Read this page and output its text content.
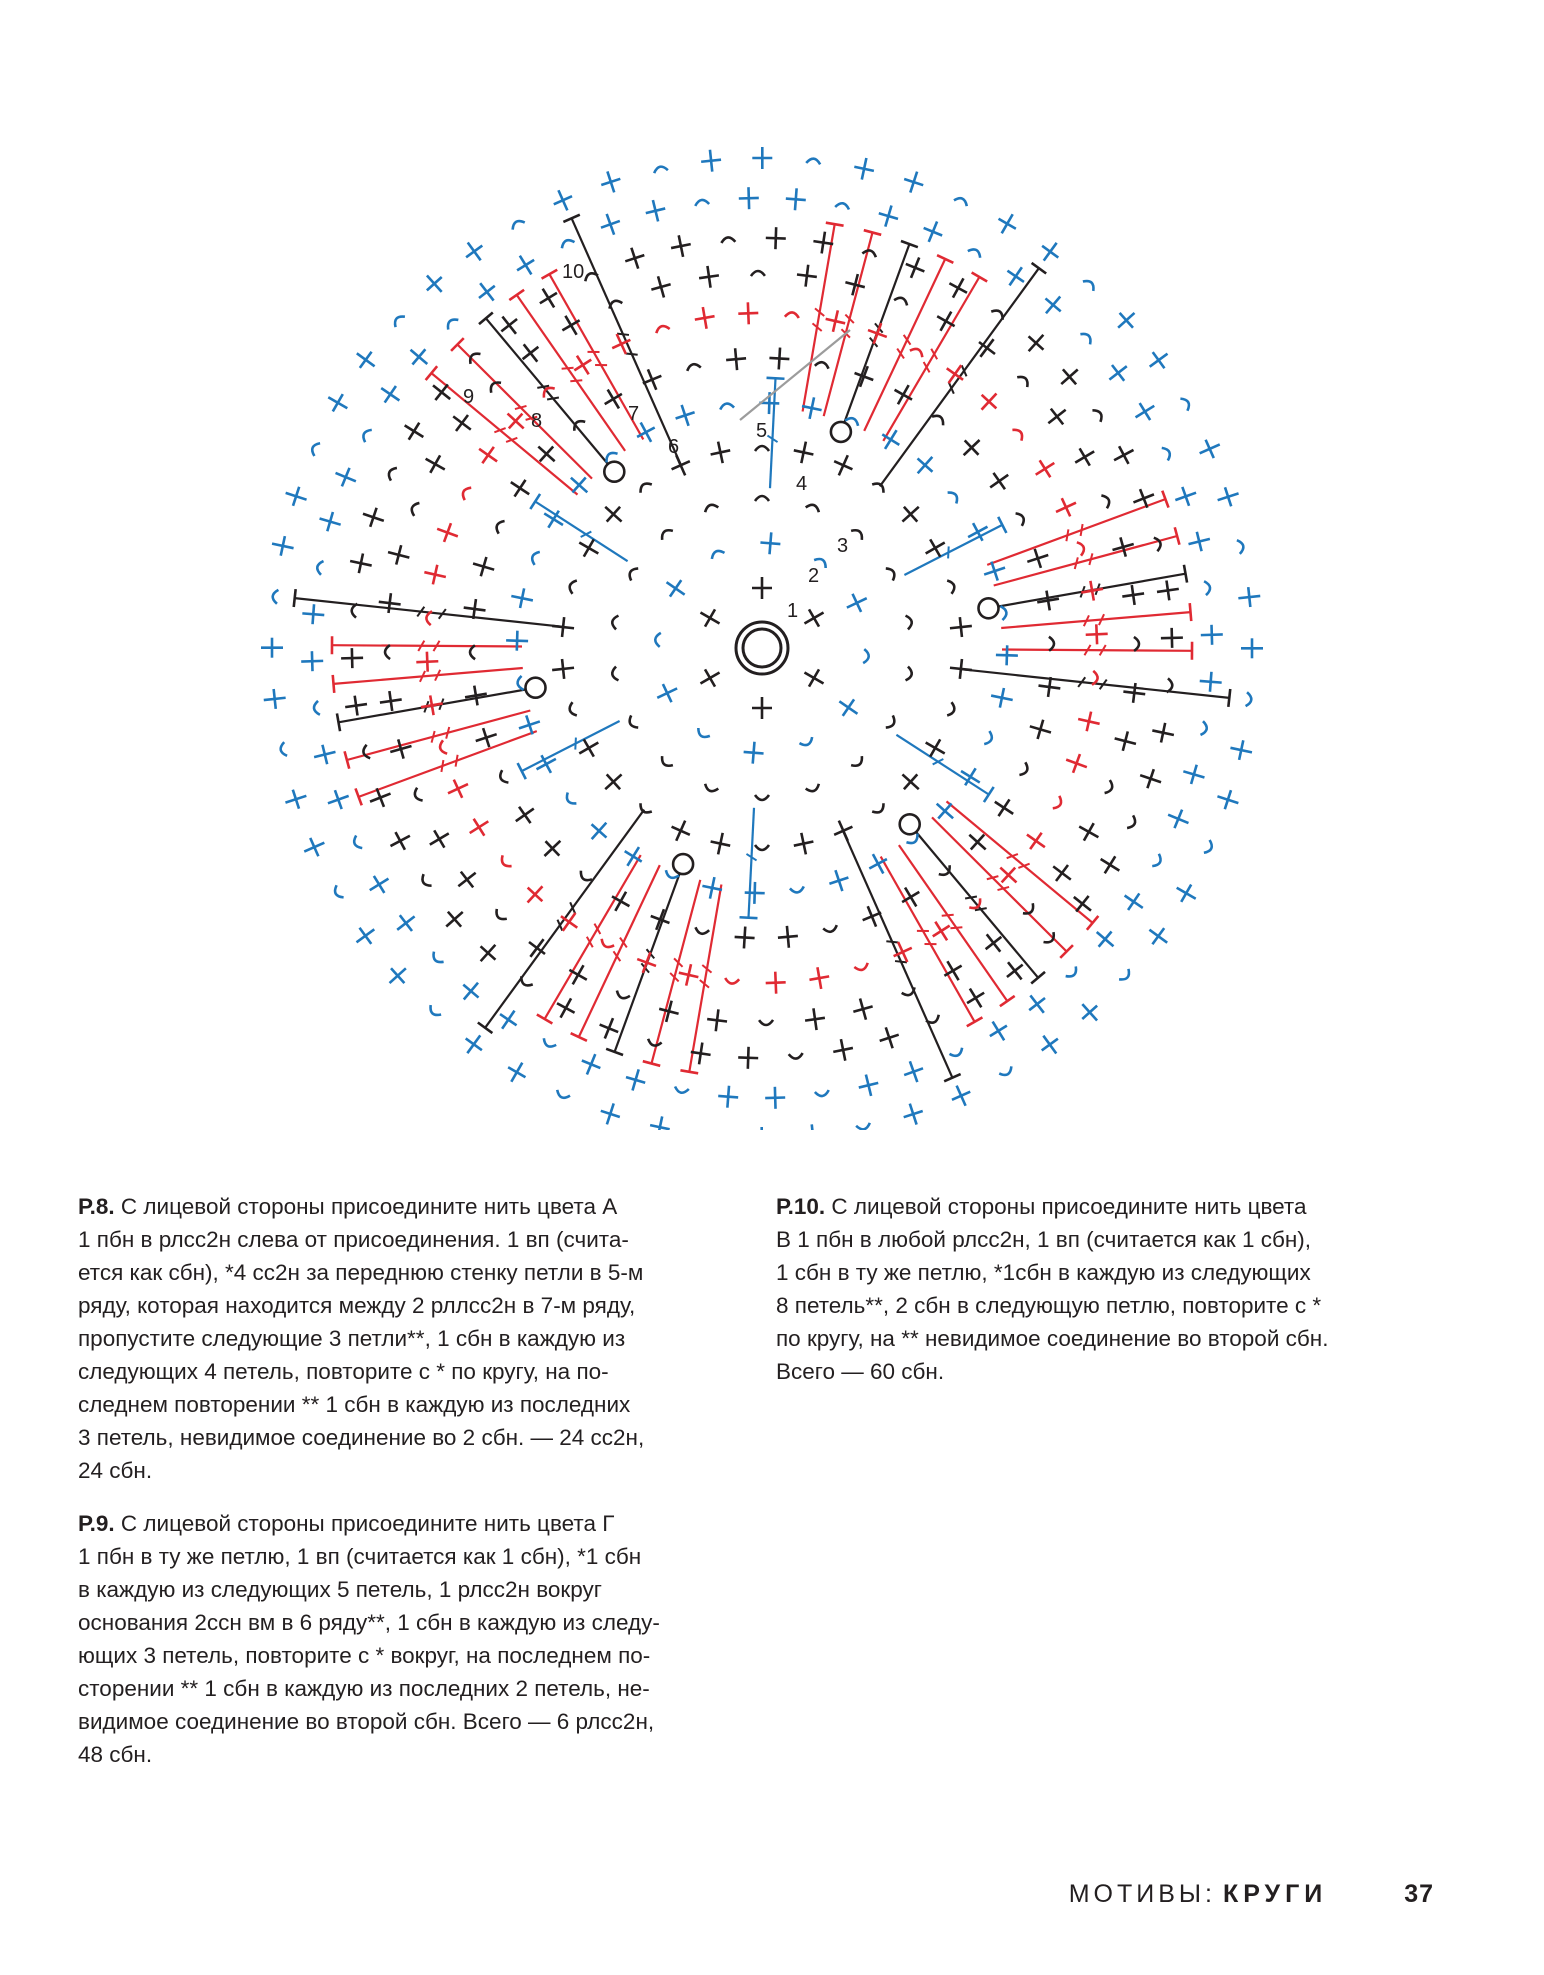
1
2
3
4
5
6
7
8
9
10
Р.8. С лицевой стороны присоедините нить цвета А
1 пбн в рлсс2н слева от присоединения. 1 вп (счита-
ется как сбн), *4 сс2н за переднюю стенку петли в 5-м
ряду, которая находится между 2 рллсс2н в 7-м ряду,
пропустите следующие 3 петли**, 1 сбн в каждую из
следующих 4 петель, повторите с * по кругу, на по-
следнем повторении ** 1 сбн в каждую из последних
3 петель, невидимое соединение во 2 сбн. — 24 сс2н,
24 сбн.
Р.9. С лицевой стороны присоедините нить цвета Г
1 пбн в ту же петлю, 1 вп (считается как 1 сбн), *1 сбн
в каждую из следующих 5 петель, 1 рлсс2н вокруг
основания 2ссн вм в 6 ряду**, 1 сбн в каждую из следу-
ющих 3 петель, повторите с * вокруг, на последнем по-
сторении ** 1 сбн в каждую из последних 2 петель, не-
видимое соединение во второй сбн. Всего — 6 рлсс2н,
48 сбн.
Р.10. С лицевой стороны присоедините нить цвета
В 1 пбн в любой рлсс2н, 1 вп (считается как 1 сбн),
1 сбн в ту же петлю, *1сбн в каждую из следующих
8 петель**, 2 сбн в следующую петлю, повторите с *
по кругу, на ** невидимое соединение во второй сбн.
Всего — 60 сбн.
МОТИВЫ: КРУГИ	37
